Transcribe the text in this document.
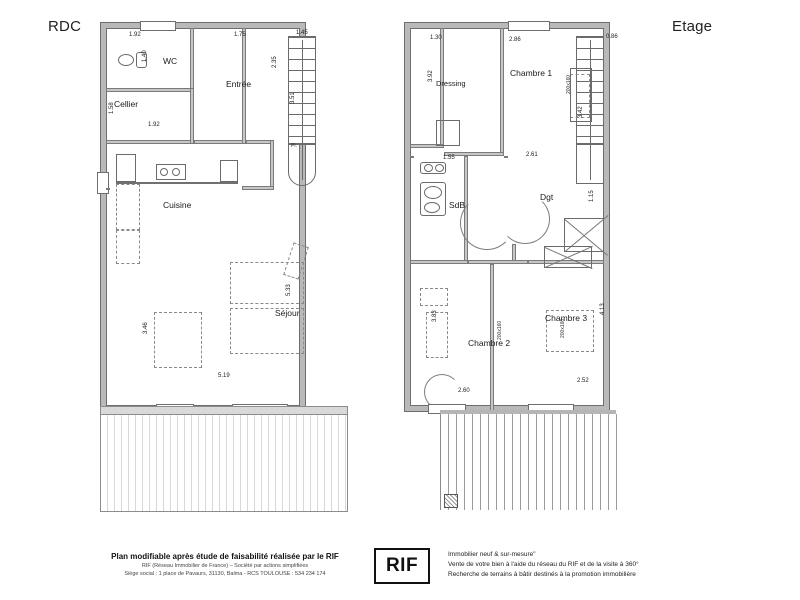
RDC	Etage
WC
Cellier
Entrée
Cuisine
Séjour
Pl.
1.92	1.75	1.45
1.40
1.58
1.92
2.35
3.51
5.33
3.46
5.19
Dressing
Chambre 1
SdB
Dgt
Chambre 2
Chambre 3
1.30	2.86	0.86
3.42
3.92
1.55	2.61
1.15
3.83
4.13
2.60
2.52
200x160
200x160	200x160
Plan modifiable après étude de faisabilité réalisée par le RIF
RIF (Réseau Immobilier de France) – Société par actions simplifiées
Siège social : 1 place de Pavaurs, 31130, Balma - RCS TOULOUSE : 534 234 174	RIF
Immobilier neuf & sur-mesure"
Vente de votre bien à l'aide du réseau du RIF et de la visite à 360°
Recherche de terrains à bâtir destinés à la promotion immobilière
